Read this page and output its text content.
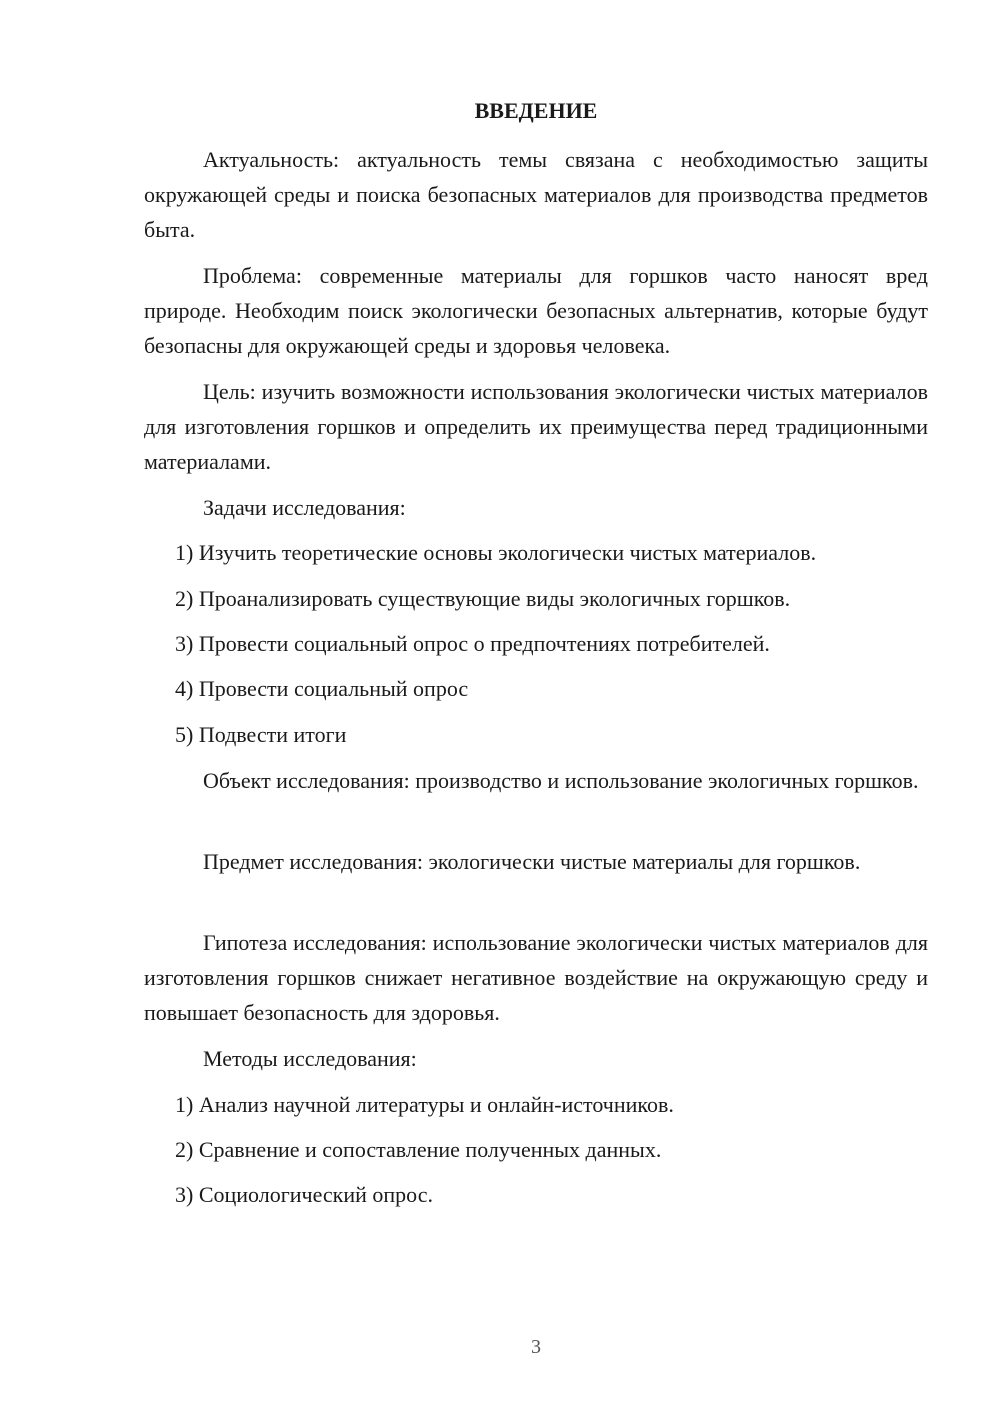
ВВЕДЕНИЕ

Актуальность: актуальность темы связана с необходимостью защиты окружающей среды и поиска безопасных материалов для производства предметов быта.

Проблема: современные материалы для горшков часто наносят вред природе. Необходим поиск экологически безопасных альтернатив, которые будут безопасны для окружающей среды и здоровья человека.

Цель: изучить возможности использования экологически чистых материалов для изготовления горшков и определить их преимущества перед традиционными материалами.

Задачи исследования:

1) Изучить теоретические основы экологически чистых материалов.

2) Проанализировать существующие виды экологичных горшков.

3) Провести социальный опрос о предпочтениях потребителей.

4) Провести социальный опрос

5) Подвести итоги

Объект исследования: производство и использование экологичных горшков.

Предмет исследования: экологически чистые материалы для горшков.

Гипотеза исследования: использование экологически чистых материалов для изготовления горшков снижает негативное воздействие на окружающую среду и повышает безопасность для здоровья.

Методы исследования:

1) Анализ научной литературы и онлайн-источников.

2) Сравнение и сопоставление полученных данных.

3) Социологический опрос.

3
